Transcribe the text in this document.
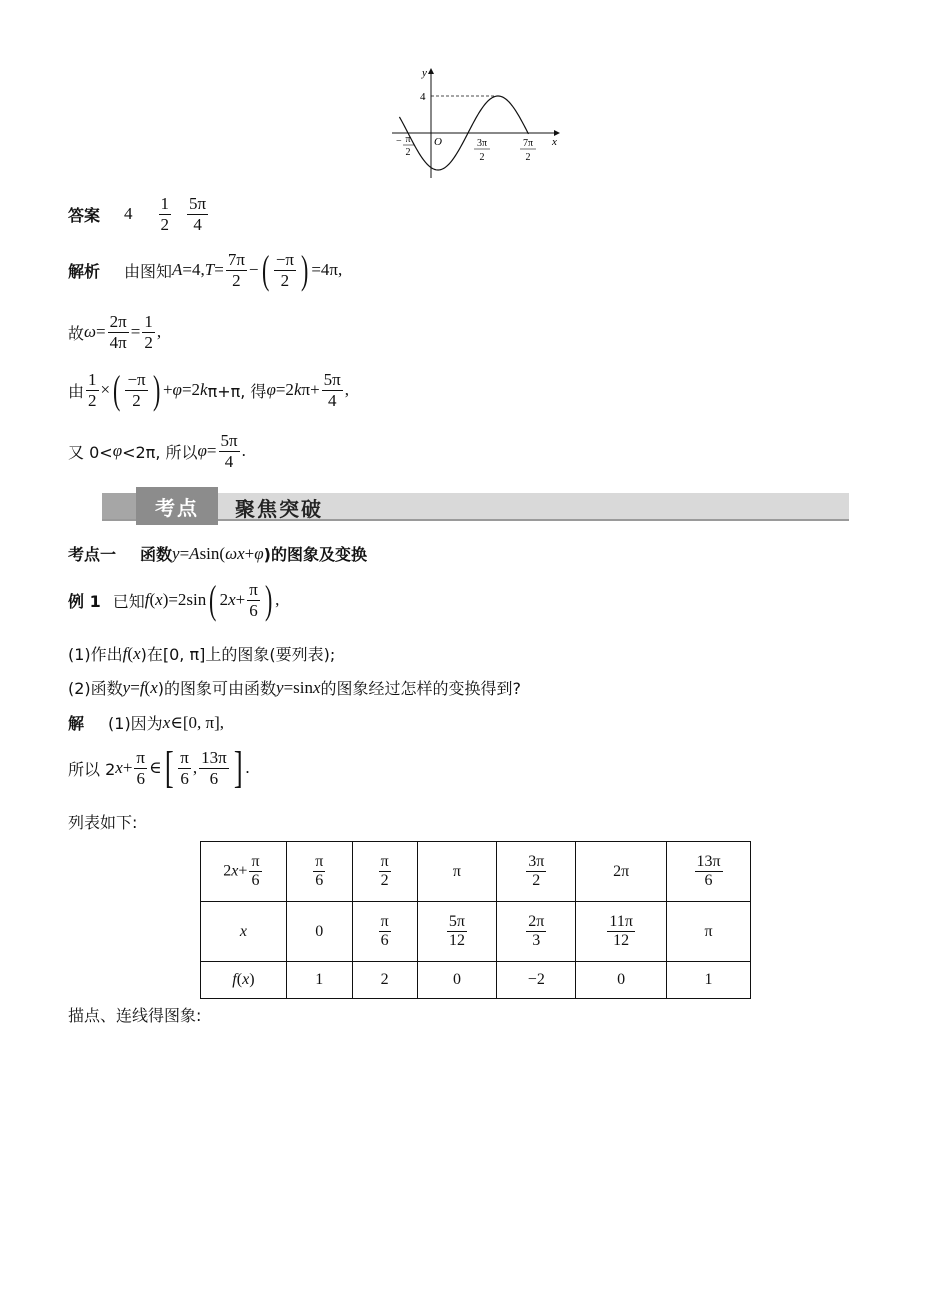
y
x
O
4
− π
2
3π
2
7π
2
答案 $4 \frac{1}{2} \frac{5\pi}{4}$
解析 由图知 A =4, $T = \frac{7\pi}{2}$ − ( $\frac{-\pi}{2}$ ) =4π,
故 $\omega = \frac{2\pi}{4\pi} = \frac{1}{2}$ ,
由 $\frac{1}{2}$ × ( $\frac{-\pi}{2}$ ) + φ =2 k π+π, 得 φ =2 k $\pi+ \frac{5\pi}{4}$ ,
又 0< φ <2π, 所以 $\varphi = \frac{5\pi}{4}$ .
考点	聚焦突破
考点一 函数 y = A sin( ω x + φ )的图象及变换
例 1 已知 f ( x )=2sin ( 2 $x + \frac{\pi}{6}$ ) ,
(1)作出 f ( x )在[0, π]上的图象(要列表);
(2)函数 y = f ( x )的图象可由函数 y =sin x 的图象经过怎样的变换得到?
解 (1)因为 x ∈[0, π],
所以 2 $x + \frac{\pi}{6}$ ∈ [ $\frac{\pi}{6}$ , $\frac{13\pi}{6}$ ] .
列表如下:
$2x+ \frac{\pi}{6}$	$\frac{\pi}{6}$	$\frac{\pi}{2}$	π	$\frac{3\pi}{2}$	2π	$\frac{13\pi}{6}$

x	0	$\frac{\pi}{6}$	$\frac{5\pi}{12}$	$\frac{2\pi}{3}$	$\frac{11\pi}{12}$	π
f(x)	1	2	0	−2	0	1
描点、连线得图象:
